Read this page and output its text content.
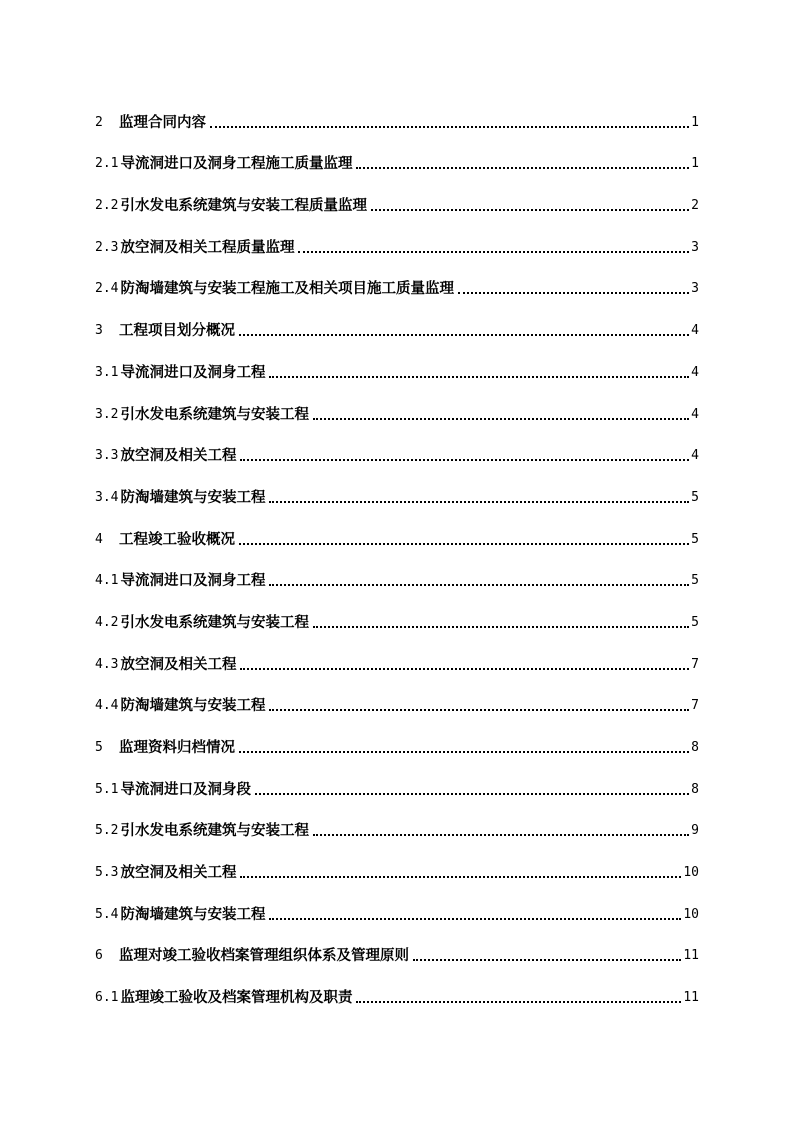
2	监理合同内容	1
2.1 导流洞进口及洞身工程施工质量监理	1
2.2 引水发电系统建筑与安装工程质量监理	2
2.3 放空洞及相关工程质量监理	3
2.4 防淘墙建筑与安装工程施工及相关项目施工质量监理	3
3	工程项目划分概况	4
3.1 导流洞进口及洞身工程	4
3.2 引水发电系统建筑与安装工程	4
3.3 放空洞及相关工程	4
3.4 防淘墙建筑与安装工程	5
4	工程竣工验收概况	5
4.1 导流洞进口及洞身工程	5
4.2 引水发电系统建筑与安装工程	5
4.3 放空洞及相关工程	7
4.4 防淘墙建筑与安装工程	7
5	监理资料归档情况	8
5.1 导流洞进口及洞身段	8
5.2 引水发电系统建筑与安装工程	9
5.3 放空洞及相关工程	10
5.4 防淘墙建筑与安装工程	10
6	监理对竣工验收档案管理组织体系及管理原则	11
6.1 监理竣工验收及档案管理机构及职责	11
